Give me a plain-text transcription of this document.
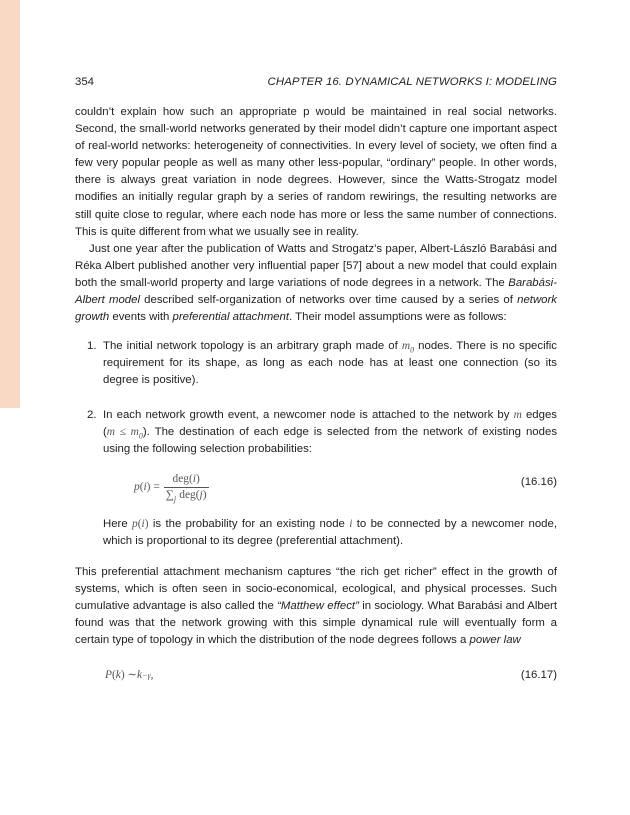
354	CHAPTER 16. DYNAMICAL NETWORKS I: MODELING

couldn’t explain how such an appropriate p would be maintained in real social networks. Second, the small-world networks generated by their model didn’t capture one important aspect of real-world networks: heterogeneity of connectivities. In every level of society, we often find a few very popular people as well as many other less-popular, “ordinary” people. In other words, there is always great variation in node degrees. However, since the Watts-Strogatz model modifies an initially regular graph by a series of random rewirings, the resulting networks are still quite close to regular, where each node has more or less the same number of connections. This is quite different from what we usually see in reality.

Just one year after the publication of Watts and Strogatz’s paper, Albert-László Barabási and Réka Albert published another very influential paper [57] about a new model that could explain both the small-world property and large variations of node degrees in a network. The Barabási-Albert model described self-organization of networks over time caused by a series of network growth events with preferential attachment. Their model assumptions were as follows:

1. The initial network topology is an arbitrary graph made of $m_0$ nodes. There is no specific requirement for its shape, as long as each node has at least one connection (so its degree is positive).

2. In each network growth event, a newcomer node is attached to the network by m edges $(m \le m_0)$. The destination of each edge is selected from the network of existing nodes using the following selection probabilities:

p ( i ) = $\frac{\text{deg(i)}}{\sum_j deg(j)}$	(16.16)

Here p(i) is the probability for an existing node i to be connected by a newcomer node, which is proportional to its degree (preferential attachment).

This preferential attachment mechanism captures “the rich get richer” effect in the growth of systems, which is often seen in socio-economical, ecological, and physical processes. Such cumulative advantage is also called the “Matthew effect” in sociology. What Barabási and Albert found was that the network growing with this simple dynamical rule will eventually form a certain type of topology in which the distribution of the node degrees follows a power law

P ( k ) ∼ k −γ ,	(16.17)
